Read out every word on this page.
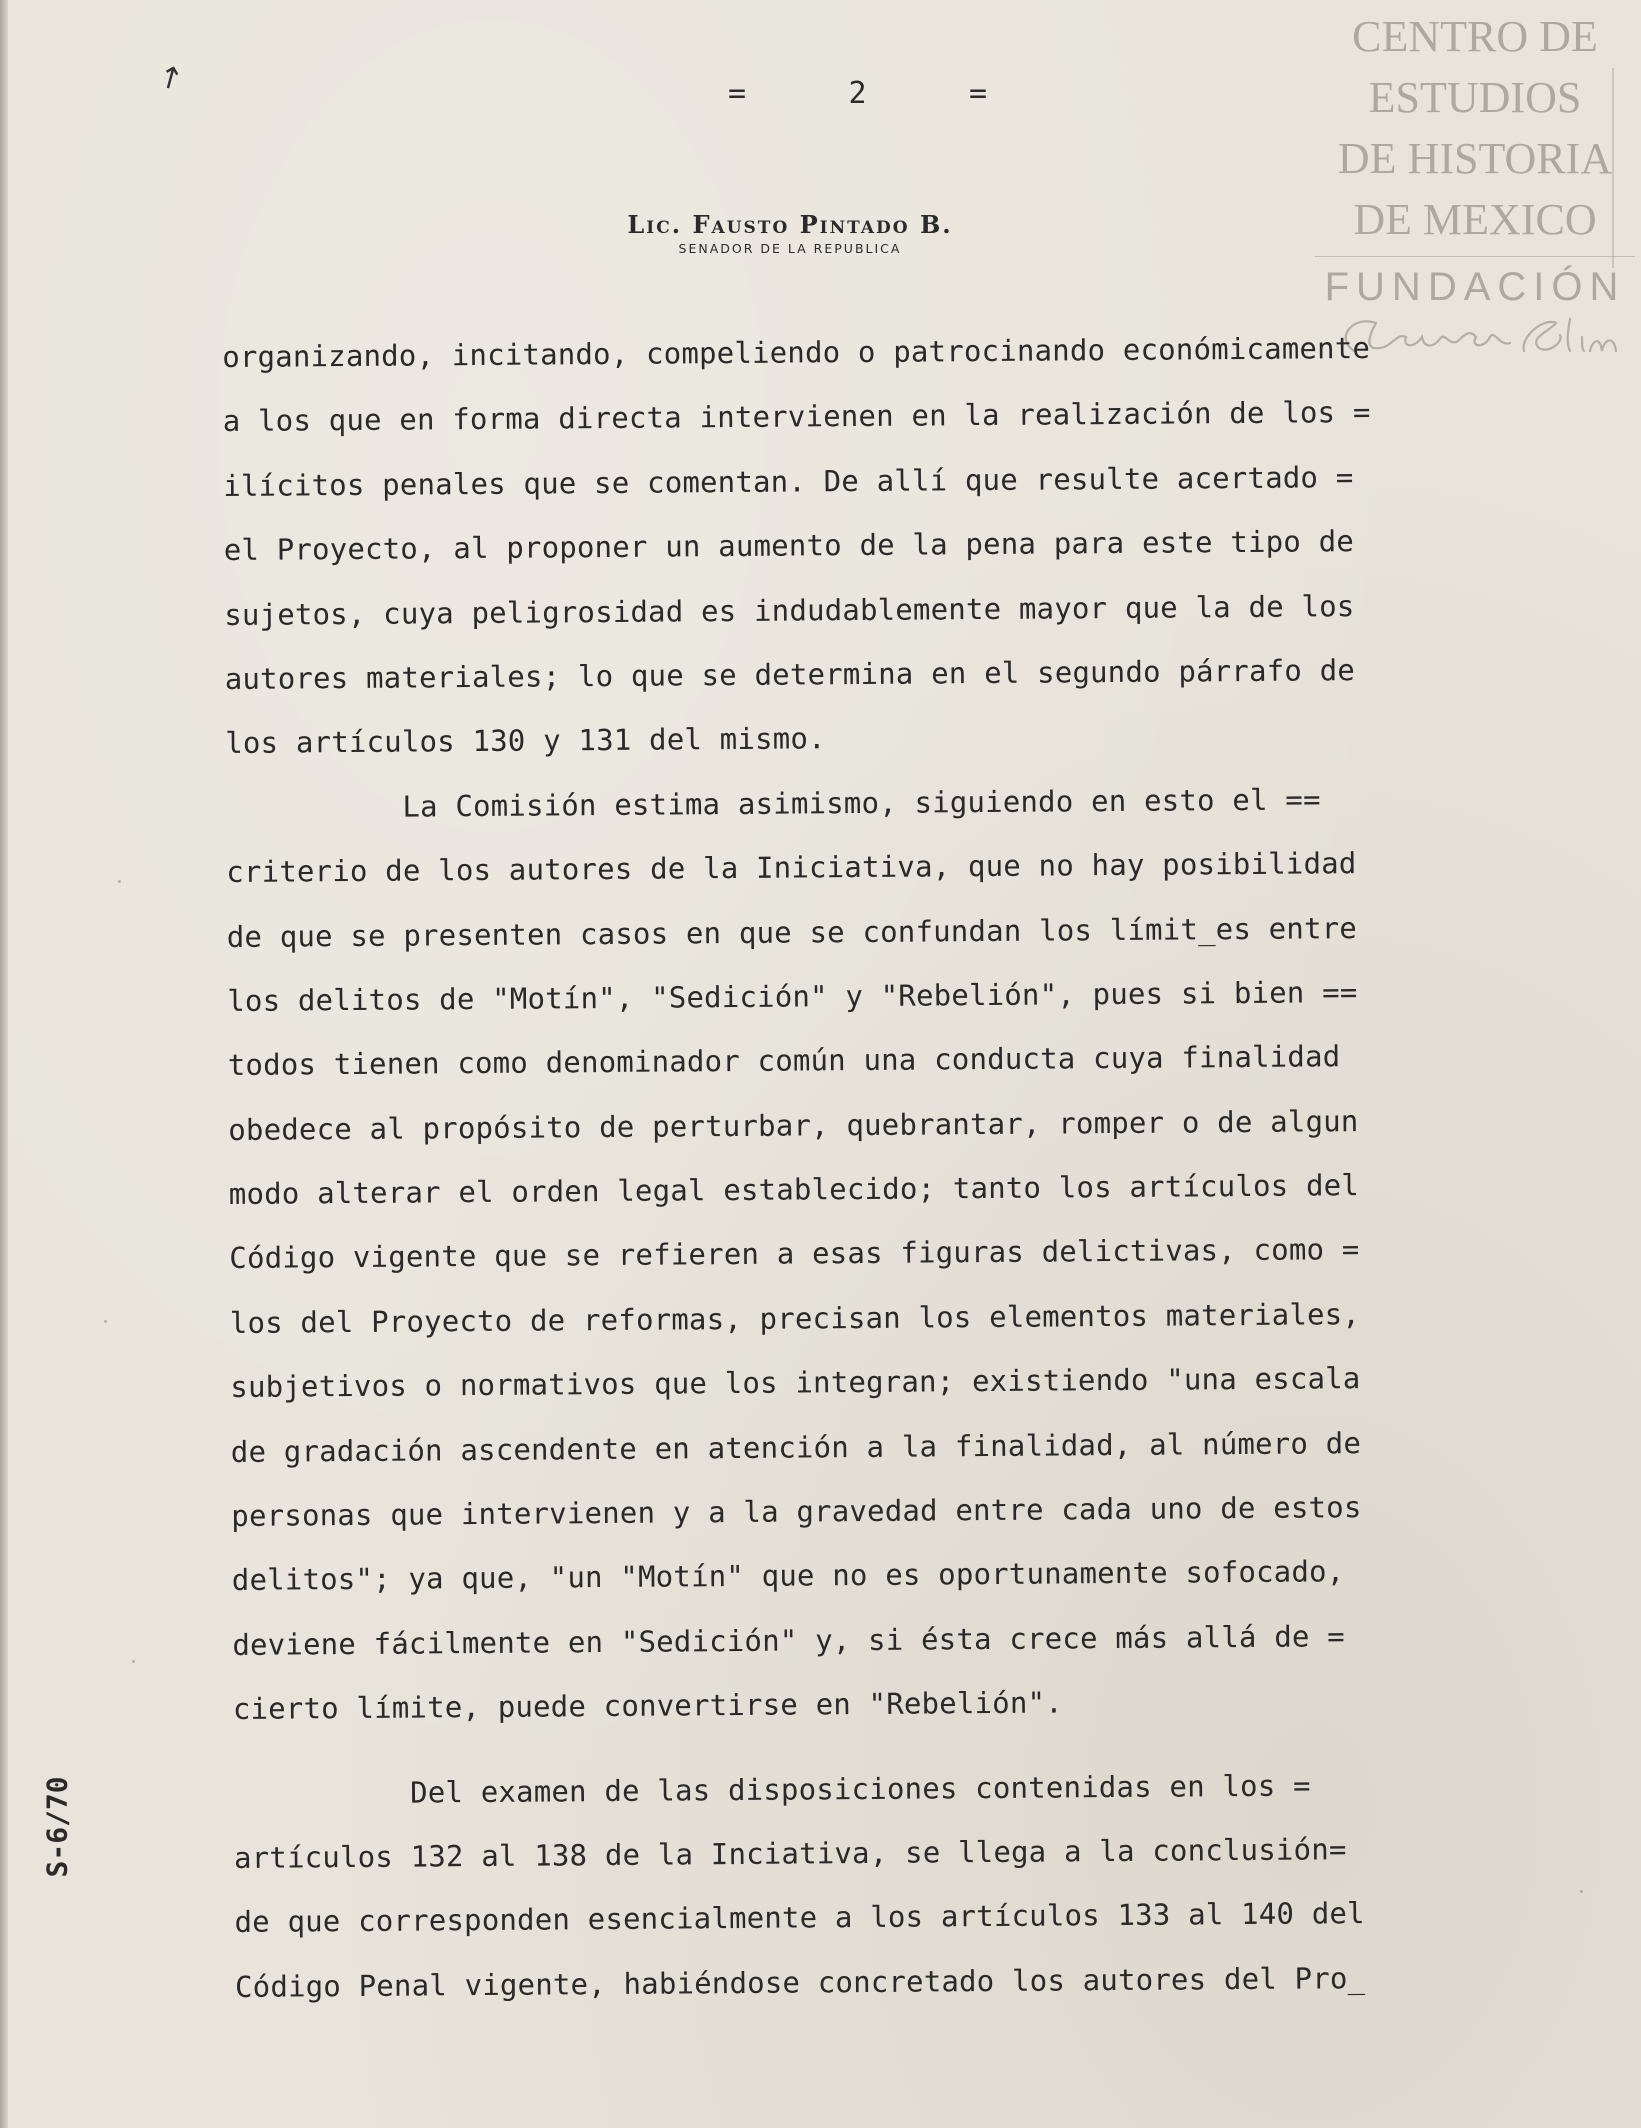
↗	=	2	=
Lic. Fausto Pintado B.
SENADOR DE LA REPUBLICA
CENTRO DE
ESTUDIOS
DE HISTORIA
DE MEXICO
FUNDACIÓN
organizando, incitando, compeliendo o patrocinando económicamente
a los que en forma directa intervienen en la realización de los =
ilícitos penales que se comentan. De allí que resulte acertado =
el Proyecto, al proponer un aumento de la pena para este tipo de
sujetos, cuya peligrosidad es indudablemente mayor que la de los
autores materiales; lo que se determina en el segundo párrafo de
los artículos 130 y 131 del mismo.
La Comisión estima asimismo, siguiendo en esto el ==
criterio de los autores de la Iniciativa, que no hay posibilidad
de que se presenten casos en que se confundan los límit_es entre
los delitos de "Motín", "Sedición" y "Rebelión", pues si bien ==
todos tienen como denominador común una conducta cuya finalidad
obedece al propósito de perturbar, quebrantar, romper o de algun
modo alterar el orden legal establecido; tanto los artículos del
Código vigente que se refieren a esas figuras delictivas, como =
los del Proyecto de reformas, precisan los elementos materiales,
subjetivos o normativos que los integran; existiendo "una escala
de gradación ascendente en atención a la finalidad, al número de
personas que intervienen y a la gravedad entre cada uno de estos
delitos"; ya que, "un "Motín" que no es oportunamente sofocado,
deviene fácilmente en "Sedición" y, si ésta crece más allá de =
cierto límite, puede convertirse en "Rebelión".
Del examen de las disposiciones contenidas en los =
artículos 132 al 138 de la Inciativa, se llega a la conclusión=
de que corresponden esencialmente a los artículos 133 al 140 del
Código Penal vigente, habiéndose concretado los autores del Pro_
S-6/70
